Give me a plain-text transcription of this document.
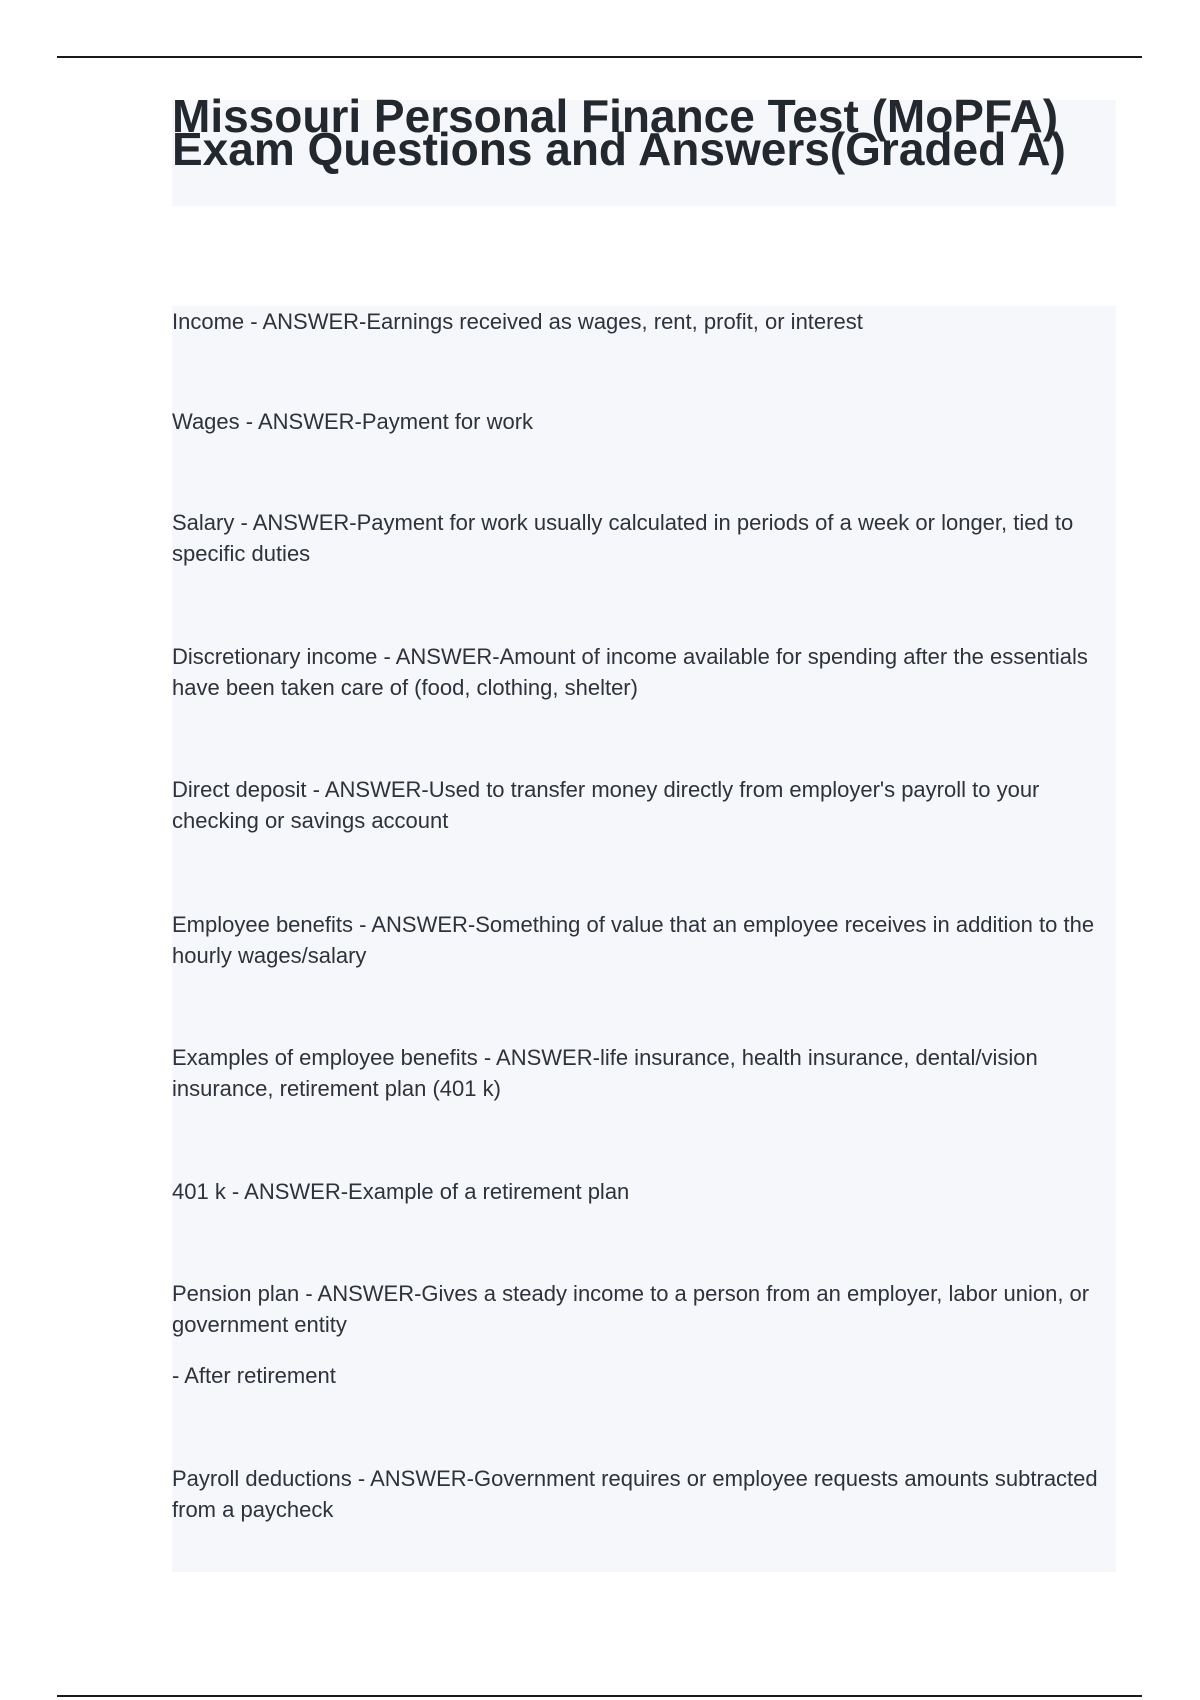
Missouri Personal Finance Test (MoPFA) Exam Questions and Answers(Graded A)

Income - ANSWER-Earnings received as wages, rent, profit, or interest

Wages - ANSWER-Payment for work

Salary - ANSWER-Payment for work usually calculated in periods of a week or longer, tied to specific duties

Discretionary income - ANSWER-Amount of income available for spending after the essentials have been taken care of (food, clothing, shelter)

Direct deposit - ANSWER-Used to transfer money directly from employer's payroll to your checking or savings account

Employee benefits - ANSWER-Something of value that an employee receives in addition to the hourly wages/salary

Examples of employee benefits - ANSWER-life insurance, health insurance, dental/vision insurance, retirement plan (401 k)

401 k - ANSWER-Example of a retirement plan

Pension plan - ANSWER-Gives a steady income to a person from an employer, labor union, or government entity

- After retirement

Payroll deductions - ANSWER-Government requires or employee requests amounts subtracted from a paycheck
